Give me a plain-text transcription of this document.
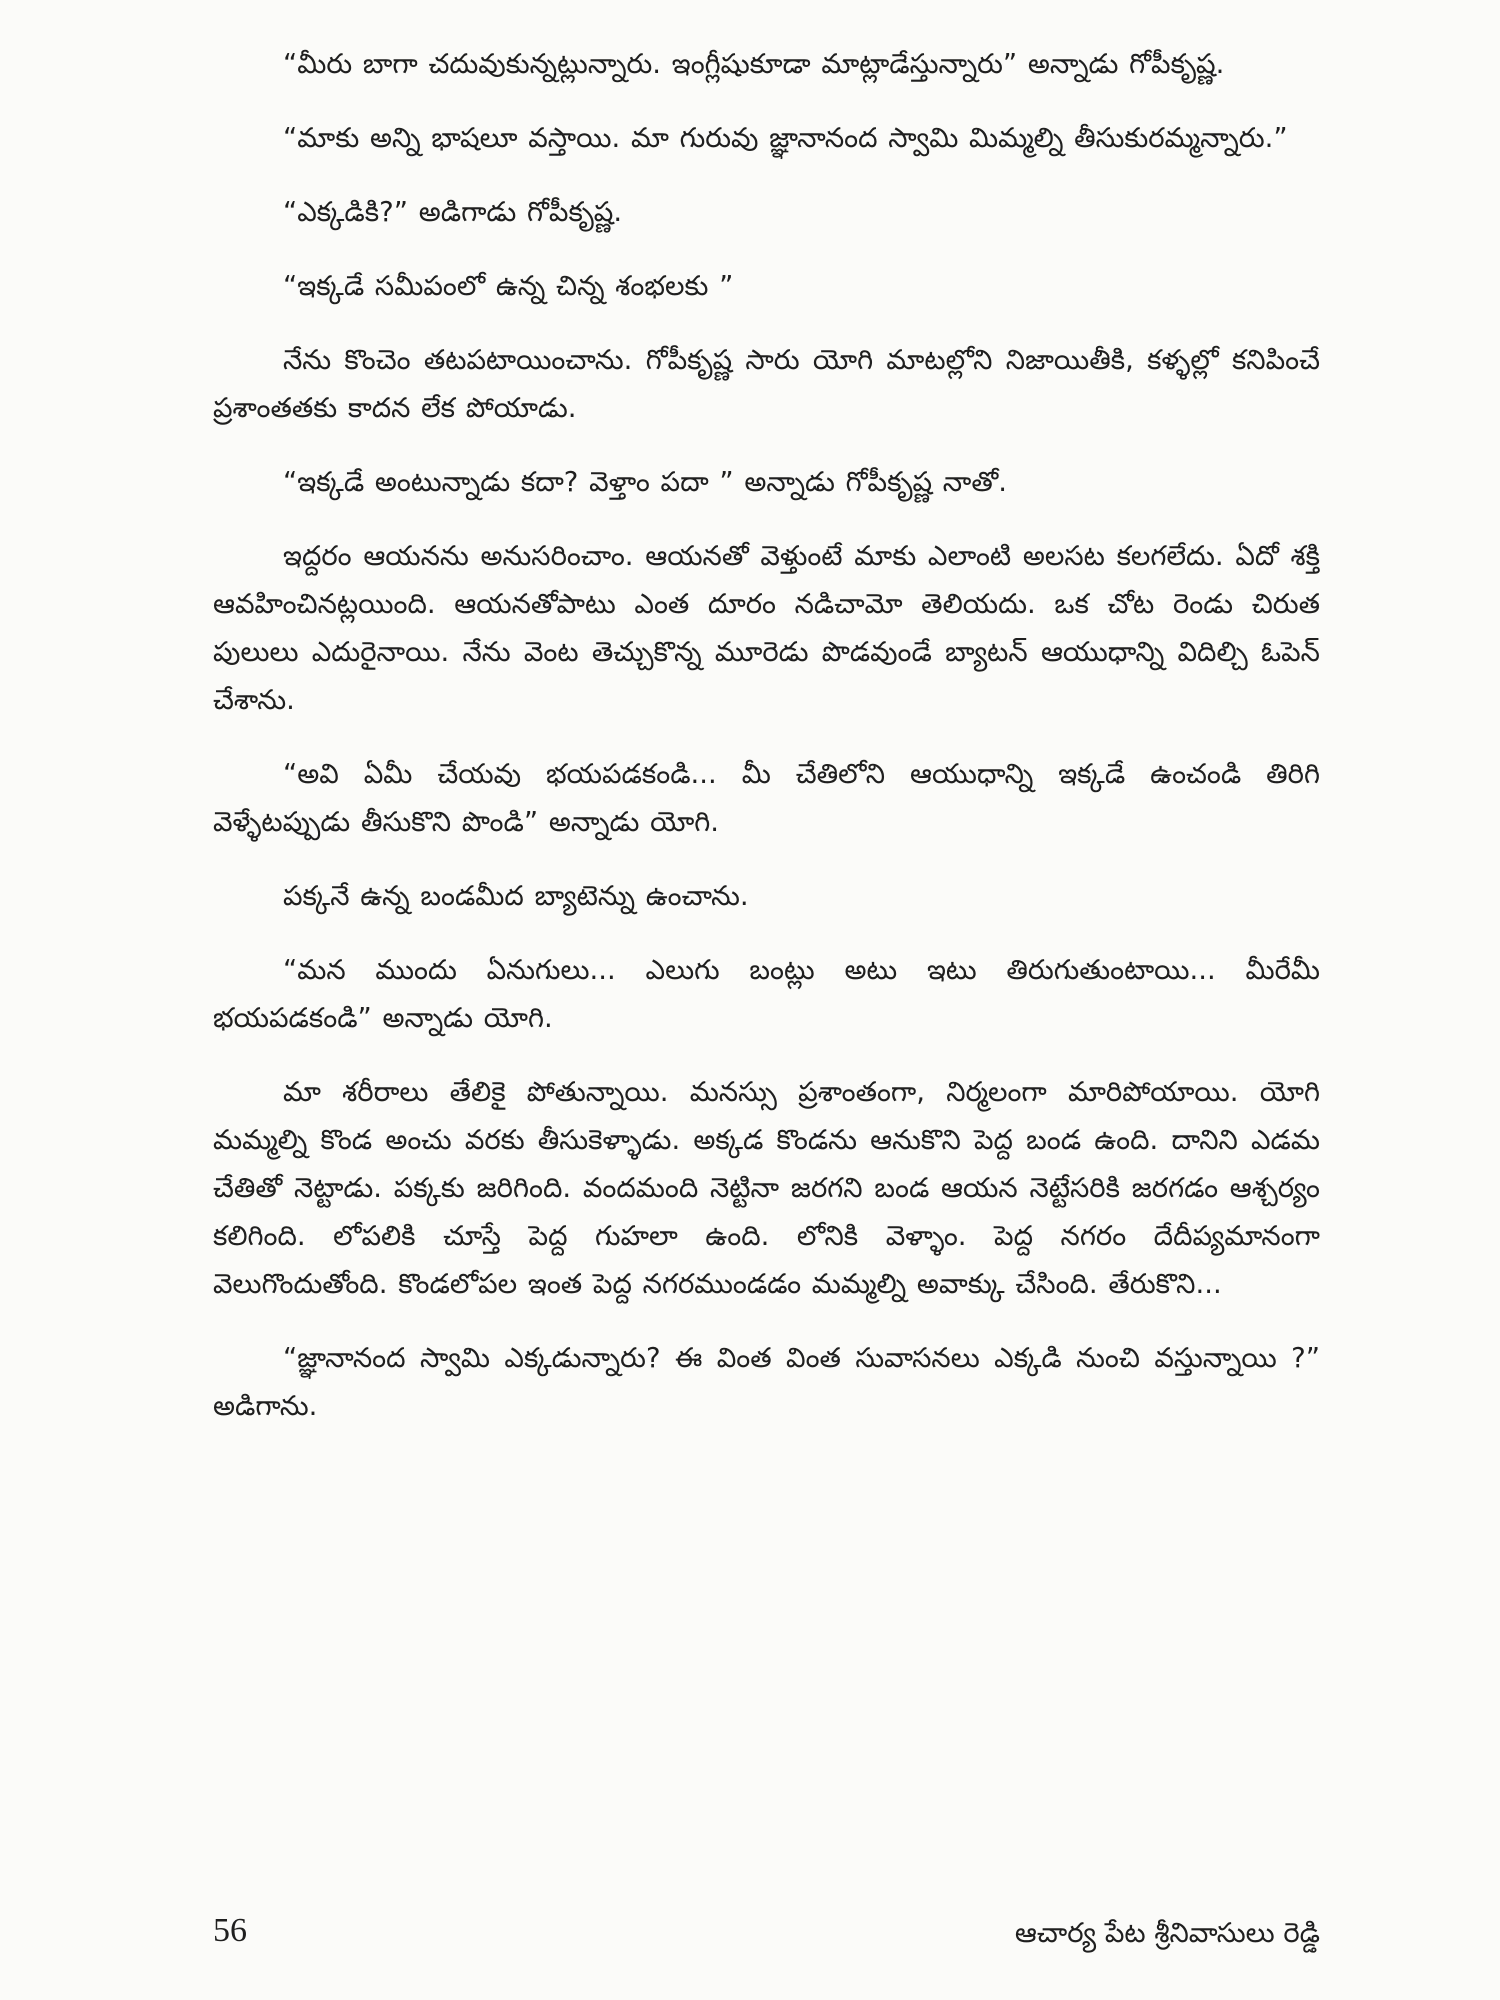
“మీరు బాగా చదువుకున్నట్లున్నారు. ఇంగ్లీషుకూడా మాట్లాడేస్తున్నారు” అన్నాడు గోపీకృష్ణ.

“మాకు అన్ని భాషలూ వస్తాయి. మా గురువు జ్ఞానానంద స్వామి మిమ్మల్ని తీసుకురమ్మన్నారు.”

“ఎక్కడికి?” అడిగాడు గోపీకృష్ణ.

“ఇక్కడే సమీపంలో ఉన్న చిన్న శంభలకు ”

నేను కొంచెం తటపటాయించాను. గోపీకృష్ణ సారు యోగి మాటల్లోని నిజాయితీకి, కళ్ళల్లో కనిపించే ప్రశాంతతకు కాదన లేక పోయాడు.

“ఇక్కడే అంటున్నాడు కదా? వెళ్తాం పదా ” అన్నాడు గోపీకృష్ణ నాతో.

ఇద్దరం ఆయనను అనుసరించాం. ఆయనతో వెళ్తుంటే మాకు ఎలాంటి అలసట కలగలేదు. ఏదో శక్తి ఆవహించినట్లయింది. ఆయనతోపాటు ఎంత దూరం నడిచామో తెలియదు. ఒక చోట రెండు చిరుత పులులు ఎదురైనాయి. నేను వెంట తెచ్చుకొన్న మూరెడు పొడవుండే బ్యాటన్ ఆయుధాన్ని విదిల్చి ఓపెన్ చేశాను.

“అవి ఏమీ చేయవు భయపడకండి... మీ చేతిలోని ఆయుధాన్ని ఇక్కడే ఉంచండి తిరిగి వెళ్ళేటప్పుడు తీసుకొని పొండి” అన్నాడు యోగి.

పక్కనే ఉన్న బండమీద బ్యాటెన్ను ఉంచాను.

“మన ముందు ఏనుగులు... ఎలుగు బంట్లు అటు ఇటు తిరుగుతుంటాయి... మీరేమీ భయపడకండి” అన్నాడు యోగి.

మా శరీరాలు తేలికై పోతున్నాయి. మనస్సు ప్రశాంతంగా, నిర్మలంగా మారిపోయాయి. యోగి మమ్మల్ని కొండ అంచు వరకు తీసుకెళ్ళాడు. అక్కడ కొండను ఆనుకొని పెద్ద బండ ఉంది. దానిని ఎడమ చేతితో నెట్టాడు. పక్కకు జరిగింది. వందమంది నెట్టినా జరగని బండ ఆయన నెట్టేసరికి జరగడం ఆశ్చర్యం కలిగింది. లోపలికి చూస్తే పెద్ద గుహలా ఉంది. లోనికి వెళ్ళాం. పెద్ద నగరం దేదీప్యమానంగా వెలుగొందుతోంది. కొండలోపల ఇంత పెద్ద నగరముండడం మమ్మల్ని అవాక్కు చేసింది. తేరుకొని...

“జ్ఞానానంద స్వామి ఎక్కడున్నారు? ఈ వింత వింత సువాసనలు ఎక్కడి నుంచి వస్తున్నాయి ?” అడిగాను.

56	ఆచార్య పేట శ్రీనివాసులు రెడ్డి
